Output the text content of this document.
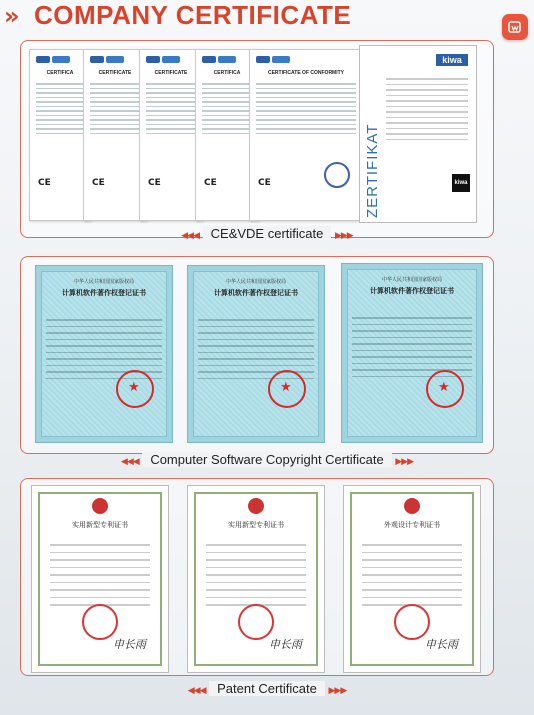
» COMPANY CERTIFICATE
CERTIFICA
CE
CERTIFICATE
CE
CERTIFICATE
CE
CERTIFICA
CE
CERTIFICATE OF CONFORMITY
CE
kiwa
ZERTIFIKAT	kiwa
◀◀◀ CE&VDE certificate ▶▶▶
中华人民共和国国家版权局
计算机软件著作权登记证书
★
中华人民共和国国家版权局
计算机软件著作权登记证书
★
中华人民共和国国家版权局
计算机软件著作权登记证书
★
◀◀◀ Computer Software Copyright Certificate ▶▶▶
实用新型专利证书
申长雨
实用新型专利证书
申长雨
外观设计专利证书
申长雨
◀◀◀ Patent Certificate ▶▶▶
